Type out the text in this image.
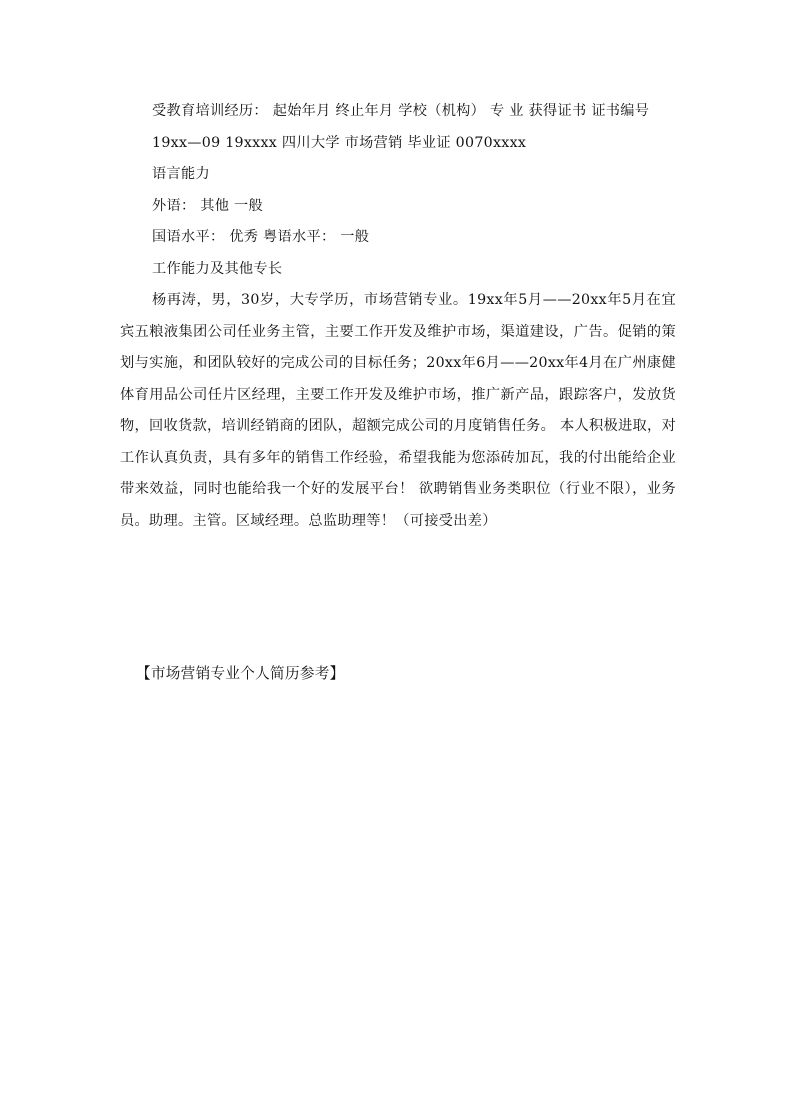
受教育培训经历： 起始年月 终止年月 学校（机构） 专 业 获得证书 证书编号

19xx—09 19xxxx 四川大学 市场营销 毕业证 0070xxxx

语言能力

外语： 其他 一般

国语水平： 优秀 粤语水平： 一般

工作能力及其他专长

杨再涛，男，30岁，大专学历，市场营销专业。19xx年5月——20xx年5月在宜宾五粮液集团公司任业务主管，主要工作开发及维护市场，渠道建设，广告。促销的策划与实施，和团队较好的完成公司的目标任务；20xx年6月——20xx年4月在广州康健体育用品公司任片区经理，主要工作开发及维护市场，推广新产品，跟踪客户，发放货物，回收货款，培训经销商的团队，超额完成公司的月度销售任务。 本人积极进取，对工作认真负责，具有多年的销售工作经验，希望我能为您添砖加瓦，我的付出能给企业带来效益，同时也能给我一个好的发展平台！ 欲聘销售业务类职位（行业不限），业务员。助理。主管。区域经理。总监助理等！（可接受出差）

【市场营销专业个人简历参考】
